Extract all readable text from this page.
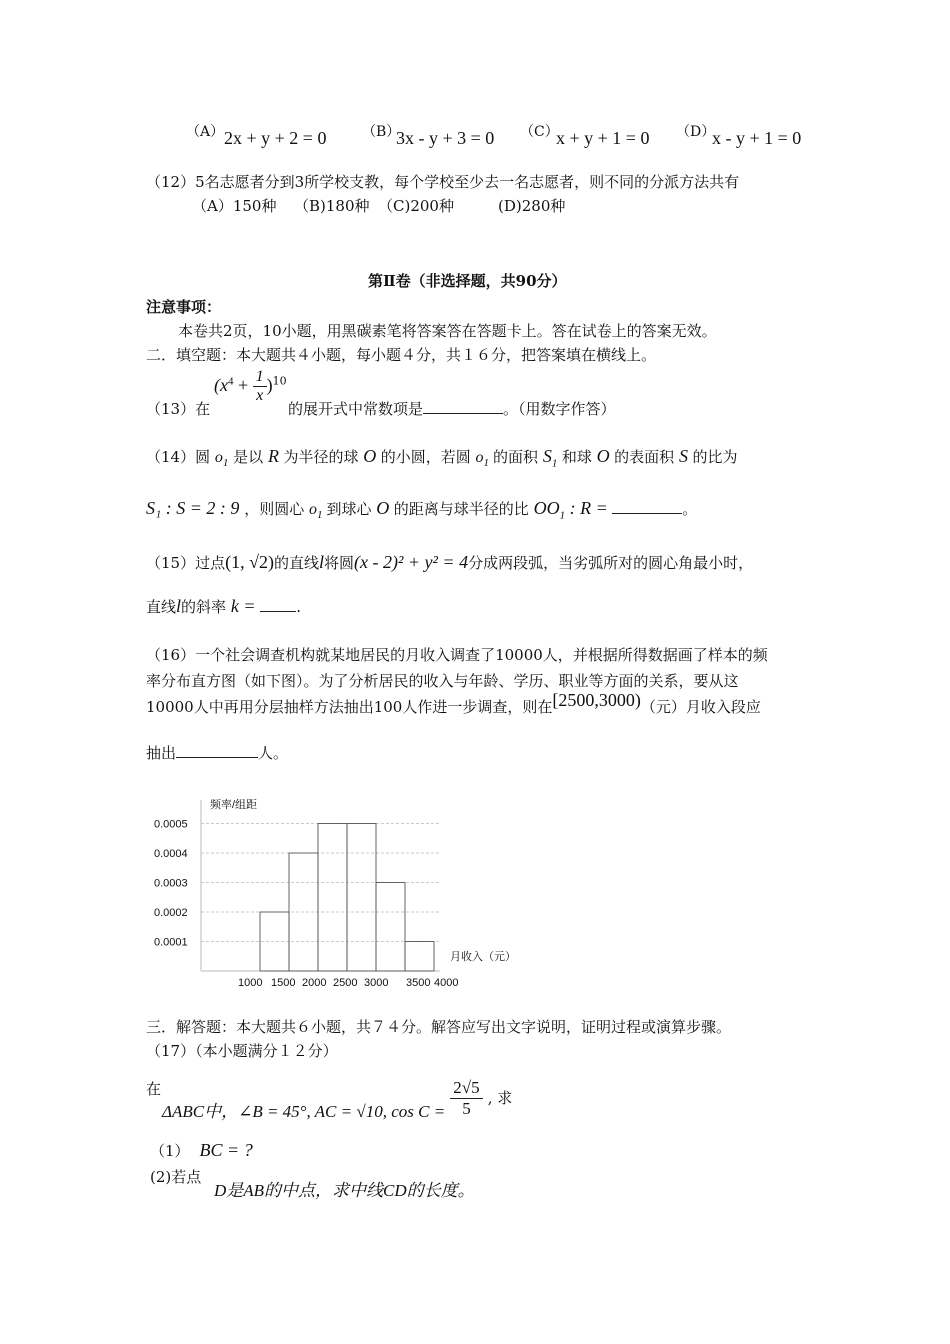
（A） 2x + y + 2 = 0	（B）
3x - y + 3 = 0 （C）
x + y + 1 = 0 （D）
x - y + 1 = 0
（12）5名志愿者分到3所学校支教，每个学校至少去一名志愿者，则不同的分派方法共有
（A）150种 （B)180种 （C)200种	(D)280种
第Ⅱ卷（非选择题，共90分）
注意事项：
本卷共2页，10小题，用黑碳素笔将答案答在答题卡上。答在试卷上的答案无效。
二．填空题：本大题共４小题，每小题４分，共１６分，把答案填在横线上。
（13）在
$(x^4 + \frac{1}{x} )^{10}$
的展开式中常数项是	。（用数字作答）
（14）圆 $o_1$ 是以 R 为半径的球 O 的小圆，若圆 $o_1$ 的面积 $S_1$ 和球 O 的表面积 S 的比为
S₁ : S = 2 : 9 ，则圆心 $o_1$ 到球心 O 的距离与球半径的比 $OO_1$ : R =	。
（15）过点(1, √2)的直线l将圆(x - 2)² + y² = 4分成两段弧，当劣弧所对的圆心角最小时，
直线l的斜率 k =	.
（16）一个社会调查机构就某地居民的月收入调查了10000人，并根据所得数据画了样本的频
率分布直方图（如下图）。为了分析居民的收入与年龄、学历、职业等方面的关系，要从这
10000人中再用分层抽样方法抽出100人作进一步调查，则在[2500,3000)（元）月收入段应
抽出	人。
频率/组距
0.0001
0.0002
0.0003
0.0004
0.0005
1000 1500 2000 2500 3000 3500 4000
月收入（元）
三．解答题：本大题共６小题，共７４分。解答应写出文字说明，证明过程或演算步骤。
（17）（本小题满分１２分）
在
ΔABC中，∠B = 45°, AC = √10, $\cos C = \frac{2√5}{5}$ , 求
（1） BC = ?
(2)若点
D是AB的中点，求中线CD的长度。
